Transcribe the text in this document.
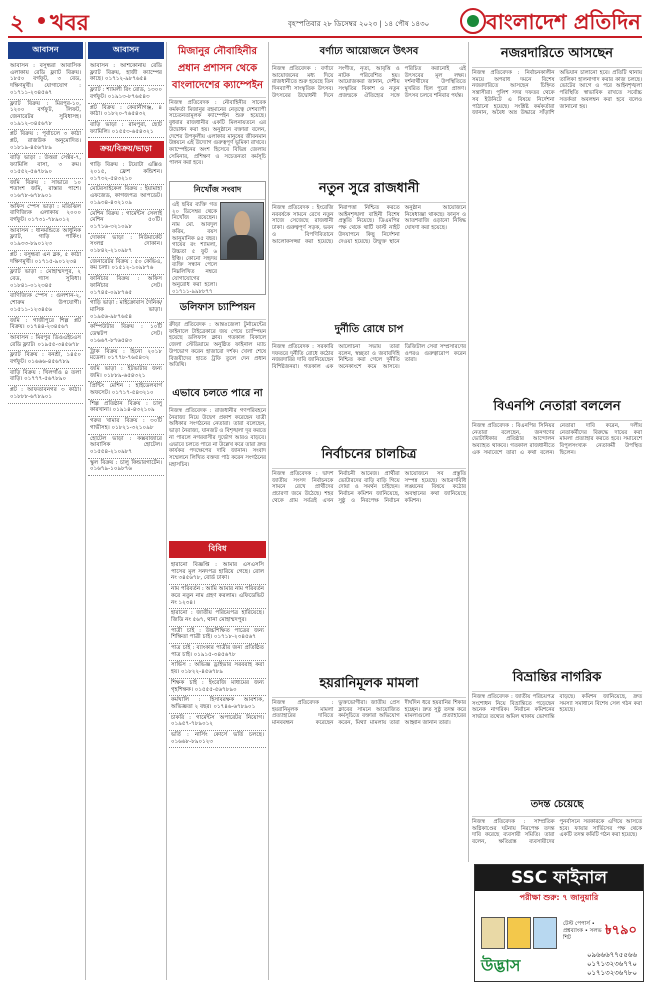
২ খবর	বৃহস্পতিবার ২৮ ডিসেম্বর ২০২৩ | ১৪ পৌষ ১৪৩০	বাংলাদেশ প্রতিদিন
আবাসন
আবাসন : বসুন্ধরা আবাসিক এলাকায় রেডি ফ্ল্যাট বিক্রয়। ১৮৫০ বর্গফুট, ৩ বেড, দক্ষিণমুখী। যোগাযোগ : ০১৭১১-২৩৪৫৬৭
ফ্ল্যাট বিক্রয় : মিরপুর-১০, ১২০০ বর্গফুট, লিফট, জেনারেটর সুবিধাসহ। ০১৯১২-৩৪৫৬৭৮
প্লট বিক্রয় : পূর্বাচলে ৩ কাঠা প্লট, রাজউক অনুমোদিত। ০১৮১৯-৪৫৬৭৮৯
বাড়ি ভাড়া : উত্তরা সেক্টর-৭, ফ্যামিলি বাসা, ৩ রুম। ০১৫৫২-৫৬৭৮৯০
জমি বিক্রয় : সাভারে ১০ শতাংশ জমি, রাস্তার পাশে। ০১৬৭৮-৬৭৮৯০১
অফিস স্পেস ভাড়া : মতিঝিল বাণিজ্যিক এলাকায় ২০০০ বর্গফুট। ০১৭৩১-৭৮৯০১২
আবাসন : ধানমন্ডিতে আধুনিক ফ্ল্যাট, গাড়ি পার্কিং। ০১৯৩৩-৮৯০১২৩
প্লট : বসুন্ধরা এন ব্লক, ৫ কাঠা দক্ষিণমুখী। ০১৭১৫-৯০১২৩৪
ফ্ল্যাট ভাড়া : মোহাম্মদপুর, ২ বেড, গ্যাস সুবিধা। ০১৮৪১-০১২৩৪৫
বাণিজ্যিক স্পেস : গুলশান-২, শোরুম উপযোগী। ০১৫১১-১২৩৪৫৬
জমি : গাজীপুরে শিল্প প্লট বিক্রয়। ০১৭৪৪-২৩৪৫৬৭
আবাসন : মিরপুর ডিওএইচএস রেডি ফ্ল্যাট। ০১৯৫৫-৩৪৫৬৭৮
ফ্ল্যাট বিক্রয় : বনশ্রী, ১৪৫০ বর্গফুট। ০১৬৬৬-৪৫৬৭৮৯
বাড়ি বিক্রয় : খিলগাঁও ৪ তলা বাড়ি। ০১৭৭৭-৫৬৭৮৯০
প্লট : আফতাবনগর ৩ কাঠা। ০১৮৮৮-৬৭৮৯০১
আবাসন
আবাসন : আশকোনায় রেডি ফ্ল্যাট বিক্রয়, হাজী ক্যাম্পের কাছে। ০১৭১২-৯৮৭৬৫৪
ফ্ল্যাট : শ্যামলী রিং রোড, ১৩০০ বর্গফুট। ০১৯১৩-৮৭৬৫৪৩
প্লট বিক্রয় : কেরানীগঞ্জ, ৪ কাঠা। ০১৮২০-৭৬৫৪৩২
বাড়ি ভাড়া : রামপুরা, ছোট ফ্যামিলি। ০১৫৫৩-৬৫৪৩২১
ক্রয়/বিক্রয়/ভাড়া
গাড়ি বিক্রয় : টয়োটা এক্সিও ২০১৫, ফ্রেশ কন্ডিশন। ০১৭৩২-৫৪৩২১০
মোটরসাইকেল বিক্রয় : ইয়ামাহা এফজেড, কাগজপত্র আপডেট। ০১৯৩৪-৪৩২১০৯
মেশিন বিক্রয় : গার্মেন্টস সেলাই মেশিন ৫০টি। ০১৭১৬-৩২১০৯৮
দোকান ভাড়া : নিউমার্কেট সংলগ্ন দোকান। ০১৮৪২-২১০৯৮৭
জেনারেটর বিক্রয় : ৫০ কেভিএ, কম চলা। ০১৫১২-১০৯৮৭৬
ফার্নিচার বিক্রয় : অফিস ফার্নিচার সেট। ০১৭৪৫-০৯৮৭৬৫
গাড়ি ভাড়া : মাইক্রোবাস দৈনিক/মাসিক ভাড়া। ০১৯৫৬-৯৮৭৬৫৪
কম্পিউটার বিক্রয় : ১০টি ডেস্কটপ সেট। ০১৬৬৭-৮৭৬৫৪৩
ট্রাক বিক্রয় : হিনো ২০১৮ মডেল। ০১৭৭৮-৭৬৫৪৩২
জমি ভাড়া : ইটভাটার জন্য জমি। ০১৮৮৯-৬৫৪৩২১
প্রিন্টিং মেশিন : হাইডেলবার্গ অফসেট। ০১৭১৭-৫৪৩২১০
শিল্প প্রতিষ্ঠান বিক্রয় : চালু কারখানা। ০১৯১৪-৪৩২১০৯
গরুর খামার বিক্রয় : ৩০টি গাভীসহ। ০১৮২১-৩২১০৯৮
হোটেল ভাড়া : কক্সবাজারে আবাসিক হোটেল। ০১৫৫৪-২১০৯৮৭
স্কুল বিক্রয় : চালু কিন্ডারগার্টেন। ০১৬৭৯-১০৯৮৭৬
মিজানুর নৌবাহিনীর প্রধান প্রশাসন থেকে বাংলাদেশের ক্যাম্পেইন
নিজস্ব প্রতিবেদক : নৌবাহিনীর সাবেক কর্মকর্তা মিজানুর রহমানের নেতৃত্বে দেশব্যাপী সচেতনতামূলক ক্যাম্পেইন শুরু হয়েছে। বুধবার রাজধানীর একটি মিলনায়তনে এর উদ্বোধন করা হয়। অনুষ্ঠানে বক্তারা বলেন, দেশের উপকূলীয় এলাকার মানুষের জীবনমান উন্নয়নে এই উদ্যোগ গুরুত্বপূর্ণ ভূমিকা রাখবে। ক্যাম্পেইনের অংশ হিসেবে বিভিন্ন জেলায় সেমিনার, প্রশিক্ষণ ও সচেতনতা কর্মসূচি পালন করা হবে।
নিখোঁজ সংবাদ
এই ছবির ব্যক্তি গত ২০ ডিসেম্বর থেকে নিখোঁজ রয়েছেন। নাম মো. আবদুল করিম, বয়স আনুমানিক ৪৫ বছর। গায়ের রং শ্যামলা, উচ্চতা ৫ ফুট ৬ ইঞ্চি। কোনো সহৃদয় ব্যক্তি সন্ধান পেলে নিম্নলিখিত নম্বরে যোগাযোগের অনুরোধ করা হলো। ০১৭১১-৯৯৮৮৭৭
ডলিফাস চ্যাম্পিয়ন
ক্রীড়া প্রতিবেদক : আন্তঃজেলা টুর্নামেন্টের ফাইনালে টাইব্রেকারে জয় পেয়ে চ্যাম্পিয়ন হয়েছে ডলিফাস ক্লাব। গতকাল বিকালে জেলা স্টেডিয়ামে অনুষ্ঠিত ফাইনাল ম্যাচ উপভোগ করেন হাজারো দর্শক। খেলা শেষে বিজয়ীদের হাতে ট্রফি তুলে দেন প্রধান অতিথি।
এভাবে চলতে পারে না
নিজস্ব প্রতিবেদক : রাজধানীর গণপরিবহনে নৈরাজ্য নিয়ে উদ্বেগ প্রকাশ করেছেন যাত্রী অধিকার সংগঠনের নেতারা। তারা বলেছেন, ভাড়া নৈরাজ্য, যানজট ও বিশৃঙ্খলা দূর করতে না পারলে নগরবাসীর দুর্ভোগ আরও বাড়বে। এভাবে চলতে পারে না উল্লেখ করে তারা দ্রুত কার্যকর পদক্ষেপের দাবি জানান। সংবাদ সম্মেলনে লিখিত বক্তব্য পাঠ করেন সংগঠনের মহাসচিব।
বিবিধ
হারানো বিজ্ঞপ্তি : আমার এসএসসি পাসের মূল সনদপত্র হারিয়ে গেছে। রোল নং ৩৪৫৬৭৮, বোর্ড ঢাকা।
নাম পরিবর্তন : আমি আমার নাম পরিবর্তন করে নতুন নাম গ্রহণ করলাম। এফিডেভিট নং ১২৩৪।
হারানো : জাতীয় পরিচয়পত্র হারিয়েছে। জিডি নং ৫৬৭, থানা মোহাম্মদপুর।
পাত্রী চাই : উচ্চশিক্ষিত পাত্রের জন্য শিক্ষিতা পাত্রী চাই। ০১৭১৮-২৩৪৫৬৭
পাত্র চাই : ব্যাংকার পাত্রীর জন্য প্রতিষ্ঠিত পাত্র চাই। ০১৯১৫-৩৪৫৬৭৮
সার্ভিস : অভিজ্ঞ ড্রাইভার সরবরাহ করা হয়। ০১৮২২-৪৫৬৭৮৯
শিক্ষক চাই : ইংরেজি মাধ্যমের জন্য গৃহশিক্ষক। ০১৫৫৫-৫৬৭৮৯০
কর্মখালি : হিসাবরক্ষক আবশ্যক, অভিজ্ঞতা ২ বছর। ০১৭৪৬-৬৭৮৯০১
চাকরি : গার্মেন্টস অপারেটর নিয়োগ। ০১৯৫৭-৭৮৯০১২
ভর্তি : নার্সিং কোর্সে ভর্তি চলছে। ০১৬৬৮-৮৯০১২৩
বর্ণাঢ্য আয়োজনে উৎসব
নিজস্ব প্রতিবেদক : বর্ণাঢ্য আয়োজনের মধ্য দিয়ে রাজধানীতে শুরু হয়েছে তিন দিনব্যাপী সাংস্কৃতিক উৎসব। উৎসবের উদ্বোধনী দিনে সংগীত, নৃত্য, আবৃত্তি ও নাটক পরিবেশিত হয়। আয়োজকরা জানান, দেশীয় সংস্কৃতির বিকাশ ও নতুন প্রজন্মকে ঐতিহ্যের সঙ্গে পরিচিত করানোই এই উৎসবের মূল লক্ষ্য। দর্শনার্থীদের উপস্থিতিতে মুখরিত ছিল পুরো প্রাঙ্গণ। উৎসব চলবে শনিবার পর্যন্ত।
নতুন সুরে রাজধানী
নিজস্ব প্রতিবেদক : ইংরেজি নববর্ষকে সামনে রেখে নতুন সাজে সেজেছে রাজধানী ঢাকা। গুরুত্বপূর্ণ সড়ক, ভবন ও বিপণিবিতানে আলোকসজ্জা করা হয়েছে। নিরাপত্তা নিশ্চিত করতে আইনশৃঙ্খলা বাহিনী বিশেষ প্রস্তুতি নিয়েছে। ডিএমপির পক্ষ থেকে থার্টি ফার্স্ট নাইট উদযাপনে কিছু নির্দেশনা দেওয়া হয়েছে। উন্মুক্ত স্থানে অনুষ্ঠান আয়োজনে নিষেধাজ্ঞা থাকছে। ফানুস ও আতশবাজি ওড়ানো নিষিদ্ধ ঘোষণা করা হয়েছে।
দুর্নীতি রোধে চাপ
নিজস্ব প্রতিবেদক : সরকারি দফতরে দুর্নীতি রোধে কঠোর নজরদারির দাবি জানিয়েছেন বিশিষ্টজনরা। গতকাল এক আলোচনা সভায় তারা বলেন, স্বচ্ছতা ও জবাবদিহি নিশ্চিত করা গেলে দুর্নীতি অনেকাংশে কমে আসবে। ডিজিটাল সেবা সম্প্রসারণের ওপরও গুরুত্বারোপ করেন তারা।
নির্বাচনের চালচিত্র
নিজস্ব প্রতিবেদক : দ্বাদশ জাতীয় সংসদ নির্বাচনকে সামনে রেখে প্রার্থীদের প্রচারণা জমে উঠেছে। শহর থেকে গ্রাম সর্বত্রই এখন নির্বাচনী আমেজ। প্রার্থীরা ভোটারদের বাড়ি বাড়ি গিয়ে দোয়া ও সমর্থন চাইছেন। নির্বাচন কমিশন জানিয়েছে, সুষ্ঠু ও নিরপেক্ষ নির্বাচন আয়োজনে সব প্রস্তুতি সম্পন্ন হয়েছে। আচরণবিধি লঙ্ঘনের বিষয়ে কঠোর অবস্থানের কথা জানিয়েছে কমিশন।
হয়রানিমূলক মামলা
নিজস্ব প্রতিবেদক : হয়রানিমূলক মামলা প্রত্যাহারের দাবিতে মানববন্ধন করেছেন ভুক্তভোগীরা। জাতীয় প্রেস ক্লাবের সামনে আয়োজিত কর্মসূচিতে বক্তারা অভিযোগ করেন, মিথ্যা মামলায় তারা দীর্ঘদিন ধরে হয়রানির শিকার হচ্ছেন। দ্রুত সুষ্ঠু তদন্ত করে মামলাগুলো প্রত্যাহারের আহ্বান জানান তারা।
নজরদারিতে আসছেন
নিজস্ব প্রতিবেদক : নির্বাচনকালীন সময়ে অপরাধ দমনে বিশেষ নজরদারিতে আসছেন চিহ্নিত সন্ত্রাসীরা। পুলিশ সদর দফতর থেকে সব ইউনিটে এ বিষয়ে নির্দেশনা পাঠানো হয়েছে। সংশ্লিষ্ট কর্মকর্তারা জানান, অবৈধ অস্ত্র উদ্ধারে সাঁড়াশি অভিযান চালানো হবে। প্রতিটি থানায় তালিকা হালনাগাদ করার কাজ চলছে। ভোটের আগে ও পরে আইনশৃঙ্খলা পরিস্থিতি স্বাভাবিক রাখতে সর্বোচ্চ সতর্কতা অবলম্বন করা হবে বলেও জানানো হয়।
বিএনপি নেতারা বললেন
নিজস্ব প্রতিবেদক : বিএনপির সিনিয়র নেতারা বলেছেন, জনগণের ভোটাধিকার প্রতিষ্ঠার আন্দোলন অব্যাহত থাকবে। গতকাল রাজধানীতে এক সমাবেশে তারা এ কথা বলেন। নেতারা দাবি করেন, দলীয় নেতাকর্মীদের বিরুদ্ধে দায়ের করা মামলা প্রত্যাহার করতে হবে। সমাবেশে বিপুলসংখ্যক নেতাকর্মী উপস্থিত ছিলেন।
বিভ্রান্তির নাগরিক
নিজস্ব প্রতিবেদক : জাতীয় পরিচয়পত্র সংশোধন নিয়ে বিভ্রান্তিতে পড়েছেন অনেক নাগরিক। নির্বাচন কমিশনের সার্ভারে তথ্যের অমিল থাকায় ভোগান্তি বাড়ছে। কমিশন জানিয়েছে, দ্রুত সমস্যা সমাধানে বিশেষ সেল গঠন করা হয়েছে।
তদন্ত চেয়েছে
নিজস্ব প্রতিবেদক : সাম্প্রতিক অগ্নিকাণ্ডের ঘটনায় নিরপেক্ষ তদন্ত দাবি করেছে ব্যবসায়ী সমিতি। তারা বলেন, ক্ষতিগ্রস্ত ব্যবসায়ীদের পুনর্বাসনে সরকারকে এগিয়ে আসতে হবে। ফায়ার সার্ভিসের পক্ষ থেকে একটি তদন্ত কমিটি গঠন করা হয়েছে।
SSC ফাইনাল
পরীক্ষা শুরু: ৭ জানুয়ারি
টেস্ট পেপার্স • প্রশ্নব্যাংক • সলভ শিট	৳৭৯০
উদ্ভাস
০৯৬৬৬৭৭৫৫৬৬
০১৭১৩২৩৬৭৭০
০১৭১৩২৩৬৭৮০
